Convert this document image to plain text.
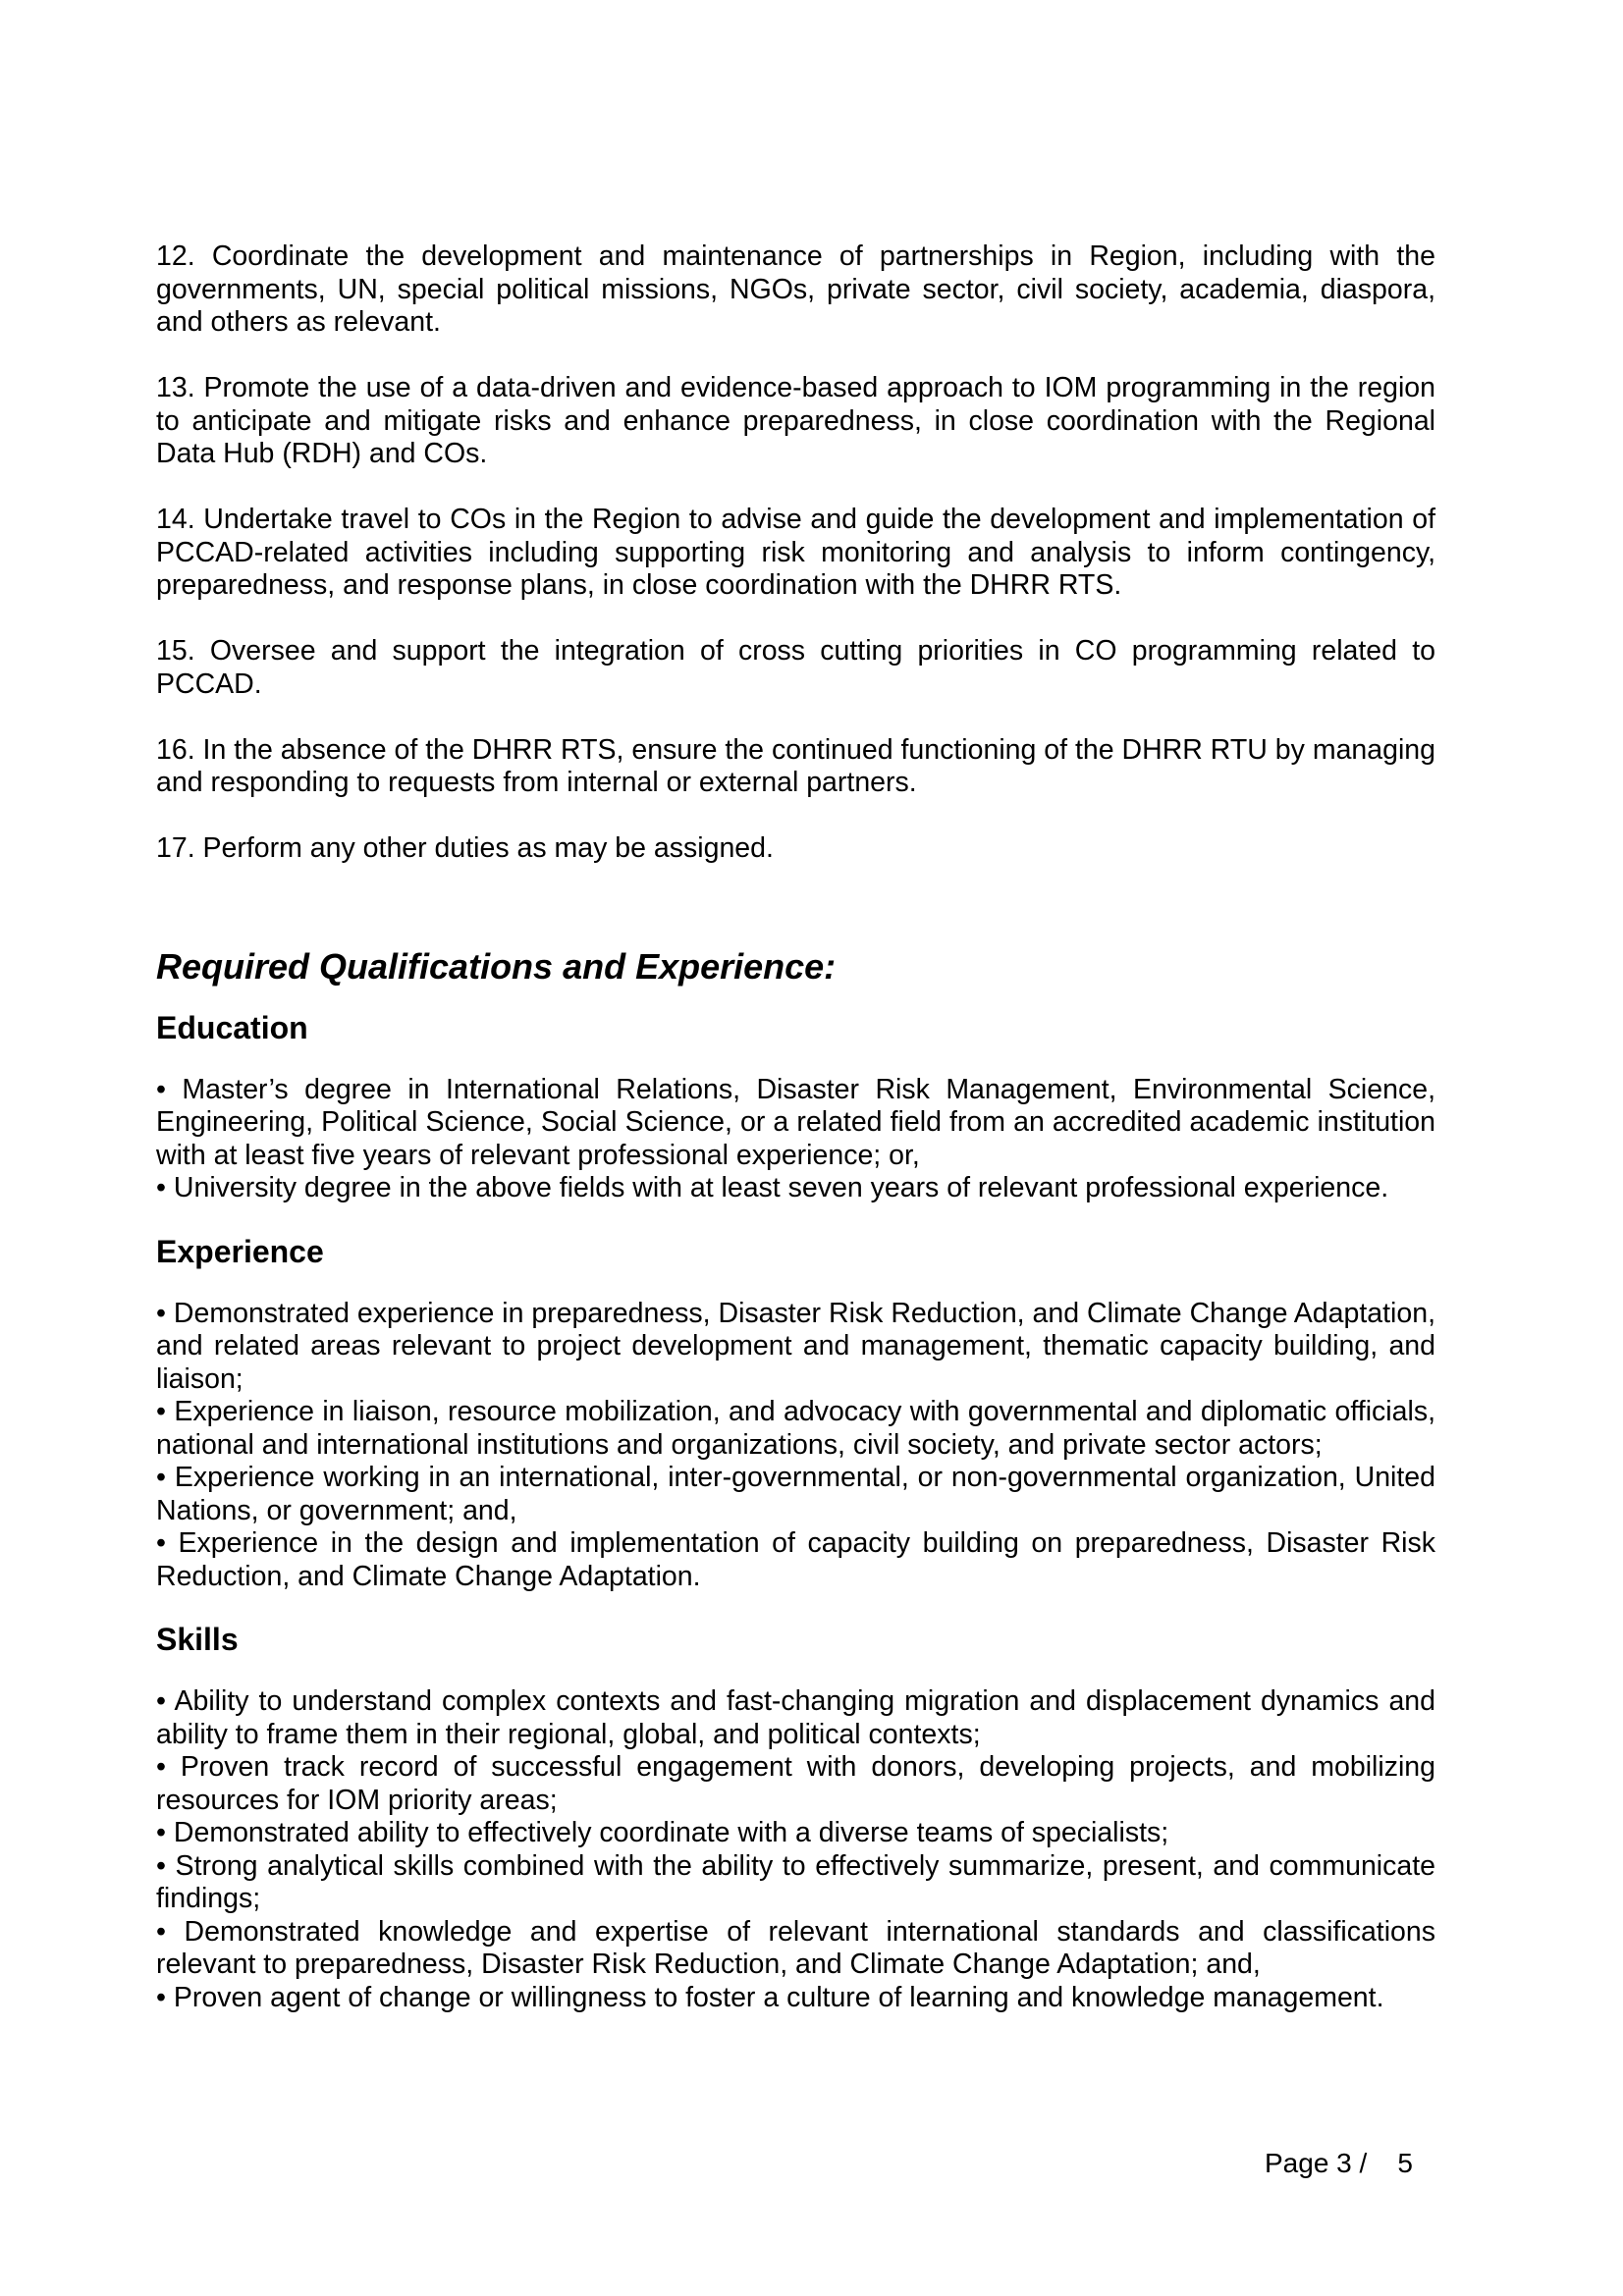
12. Coordinate the development and maintenance of partnerships in Region, including with the governments, UN, special political missions, NGOs, private sector, civil society, academia, diaspora, and others as relevant.

13. Promote the use of a data-driven and evidence-based approach to IOM programming in the region to anticipate and mitigate risks and enhance preparedness, in close coordination with the Regional Data Hub (RDH) and COs.

14. Undertake travel to COs in the Region to advise and guide the development and implementation of PCCAD-related activities including supporting risk monitoring and analysis to inform contingency, preparedness, and response plans, in close coordination with the DHRR RTS.

15. Oversee and support the integration of cross cutting priorities in CO programming related to PCCAD.

16. In the absence of the DHRR RTS, ensure the continued functioning of the DHRR RTU by managing and responding to requests from internal or external partners.

17. Perform any other duties as may be assigned.

Required Qualifications and Experience:
Education

• Master’s degree in International Relations, Disaster Risk Management, Environmental Science, Engineering, Political Science, Social Science, or a related field from an accredited academic institution with at least five years of relevant professional experience; or,

• University degree in the above fields with at least seven years of relevant professional experience.

Experience

• Demonstrated experience in preparedness, Disaster Risk Reduction, and Climate Change Adaptation, and related areas relevant to project development and management, thematic capacity building, and liaison;

• Experience in liaison, resource mobilization, and advocacy with governmental and diplomatic officials, national and international institutions and organizations, civil society, and private sector actors;

• Experience working in an international, inter-governmental, or non-governmental organization, United Nations, or government; and,

• Experience in the design and implementation of capacity building on preparedness, Disaster Risk Reduction, and Climate Change Adaptation.

Skills

• Ability to understand complex contexts and fast-changing migration and displacement dynamics and ability to frame them in their regional, global, and political contexts;

• Proven track record of successful engagement with donors, developing projects, and mobilizing resources for IOM priority areas;

• Demonstrated ability to effectively coordinate with a diverse teams of specialists;

• Strong analytical skills combined with the ability to effectively summarize, present, and communicate findings;

• Demonstrated knowledge and expertise of relevant international standards and classifications relevant to preparedness, Disaster Risk Reduction, and Climate Change Adaptation; and,

• Proven agent of change or willingness to foster a culture of learning and knowledge management.

Page 3 /    5
